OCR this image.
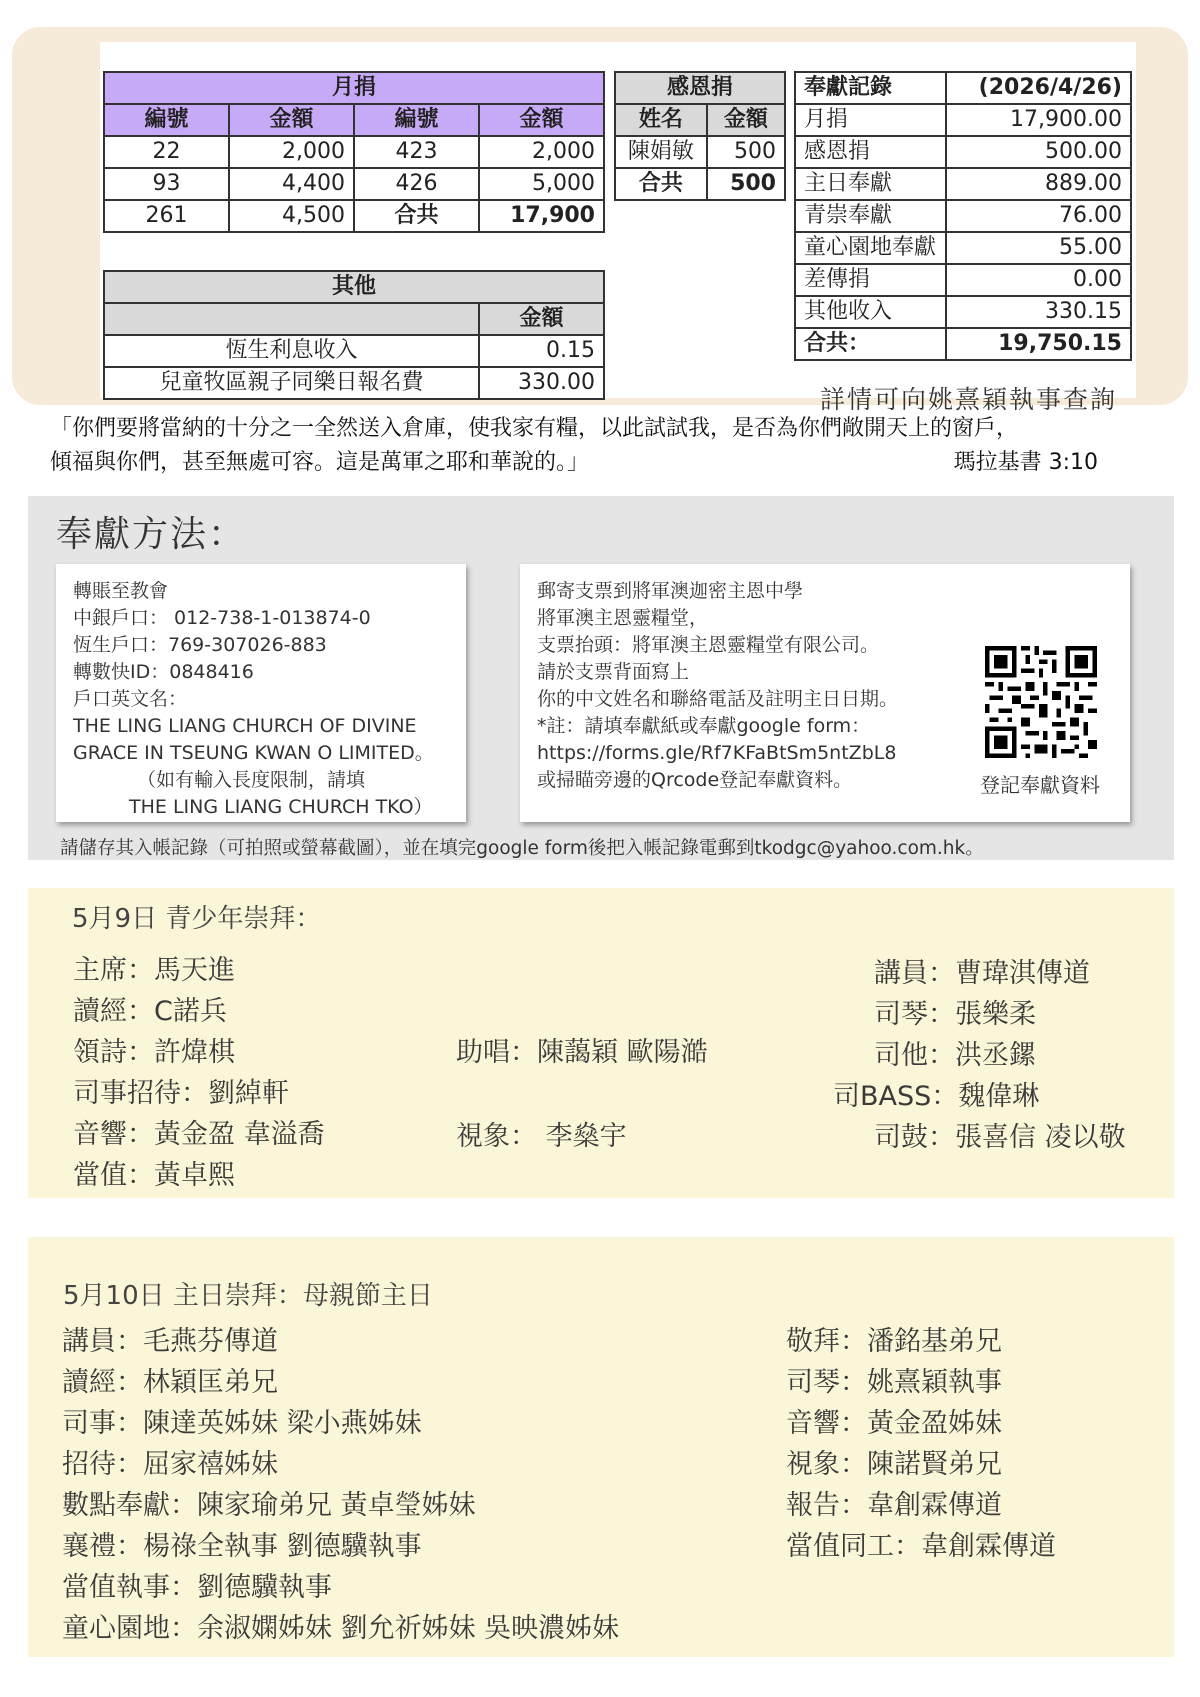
月捐			
編號	金額	編號	金額
22	2,000	423	2,000
93	4,400	426	5,000
261	4,500	合共	17,900
感恩捐	
姓名	金額
陳娟敏	500
合共	500
其他	
	金額
恆生利息收入	0.15
兒童牧區親子同樂日報名費	330.00
奉獻記錄	(2026/4/26)
月捐	17,900.00
感恩捐	500.00
主日奉獻	889.00
青崇奉獻	76.00
童心園地奉獻	55.00
差傳捐	0.00
其他收入	330.15
合共：	19,750.15
詳情可向姚熹穎執事查詢
「你們要將當納的十分之一全然送入倉庫，使我家有糧，以此試試我，是否為你們敞開天上的窗戶，
傾福與你們，甚至無處可容。這是萬軍之耶和華說的。」	瑪拉基書 3:10
奉獻方法：
轉賬至教會
中銀戶口： 012-738-1-013874-0
恆生戶口：769-307026-883
轉數快ID：0848416
戶口英文名：
THE LING LIANG CHURCH OF DIVINE
GRACE IN TSEUNG KWAN O LIMITED。
（如有輸入長度限制，請填
THE LING LIANG CHURCH TKO）
郵寄支票到將軍澳迦密主恩中學
將軍澳主恩靈糧堂，
支票抬頭：將軍澳主恩靈糧堂有限公司。
請於支票背面寫上
你的中文姓名和聯絡電話及註明主日日期。
*註：請填奉獻紙或奉獻google form：
https://forms.gle/Rf7KFaBtSm5ntZbL8
或掃瞄旁邊的Qrcode登記奉獻資料。	登記奉獻資料
請儲存其入帳記錄（可拍照或螢幕截圖），並在填完google form後把入帳記錄電郵到tkodgc@yahoo.com.hk。
5月9日 青少年崇拜：
主席：馬天進
讀經：C諾兵
領詩：許煒棋
司事招待：劉綽軒
音響：黃金盈 韋溢喬
當值：黃卓熙
助唱：陳藹穎 歐陽澔
視象： 李燊宇
講員：曹瑋淇傳道
司琴：張樂柔
司他：洪丞鏍
司BASS：魏偉琳
司鼓：張喜信 凌以敬
5月10日 主日崇拜：母親節主日
講員：毛燕芬傳道
讀經：林穎匡弟兄
司事：陳達英姊妹 梁小燕姊妹
招待：屈家禧姊妹
數點奉獻：陳家瑜弟兄 黃卓瑩姊妹
襄禮：楊祿全執事 劉德驥執事
當值執事：劉德驥執事
童心園地：余淑嫻姊妹 劉允祈姊妹 吳映濃姊妹
敬拜：潘銘基弟兄
司琴：姚熹穎執事
音響：黃金盈姊妹
視象：陳諾賢弟兄
報告：韋創霖傳道
當值同工：韋創霖傳道
